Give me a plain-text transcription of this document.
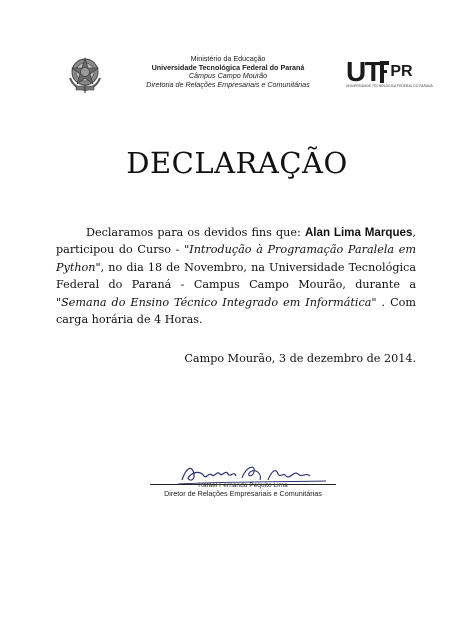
Ministério da Educação
Universidade Tecnológica Federal do Paraná
Câmpus Campo Mourão
Diretoria de Relações Empresariais e Comunitárias	UT PR
UNIVERSIDADE TECNOLÓGICA FEDERAL DO PARANÁ
DECLARAÇÃO
Declaramos para os devidos fins que: Alan Lima Marques, participou do Curso - "Introdução à Programação Paralela em Python", no dia 18 de Novembro, na Universidade Tecnológica Federal do Paraná - Campus Campo Mourão, durante a "Semana do Ensino Técnico Integrado em Informática" . Com carga horária de 4 Horas.
Campo Mourão, 3 de dezembro de 2014.
Rafael Fernando Pequito Lima
Diretor de Relações Empresariais e Comunitárias
